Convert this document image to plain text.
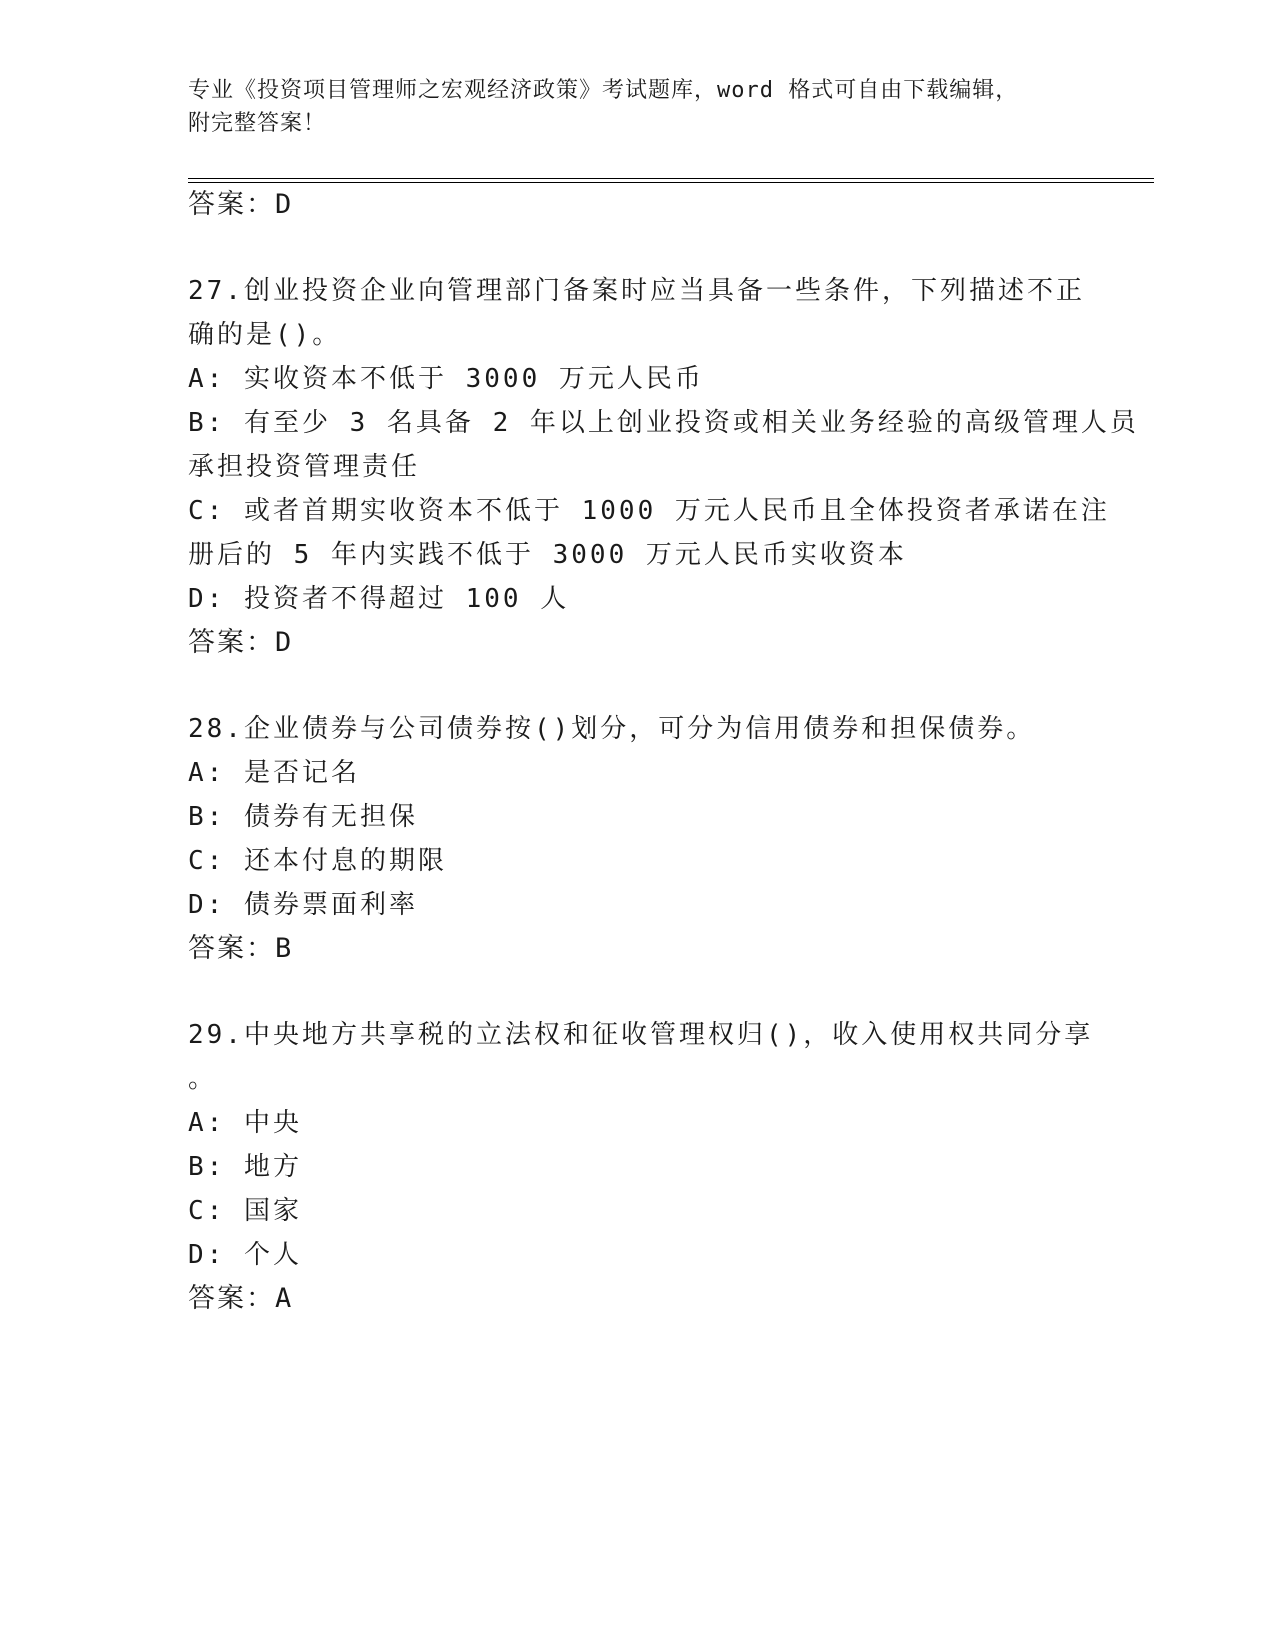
专业《投资项目管理师之宏观经济政策》考试题库，word 格式可自由下载编辑，
附完整答案！
答案：D
27.创业投资企业向管理部门备案时应当具备一些条件，下列描述不正
确的是()。
A: 实收资本不低于 3000 万元人民币
B: 有至少 3 名具备 2 年以上创业投资或相关业务经验的高级管理人员
承担投资管理责任
C: 或者首期实收资本不低于 1000 万元人民币且全体投资者承诺在注
册后的 5 年内实践不低于 3000 万元人民币实收资本
D: 投资者不得超过 100 人
答案：D
28.企业债券与公司债券按()划分，可分为信用债券和担保债券。
A: 是否记名
B: 债券有无担保
C: 还本付息的期限
D: 债券票面利率
答案：B
29.中央地方共享税的立法权和征收管理权归()，收入使用权共同分享
。
A: 中央
B: 地方
C: 国家
D: 个人
答案：A
